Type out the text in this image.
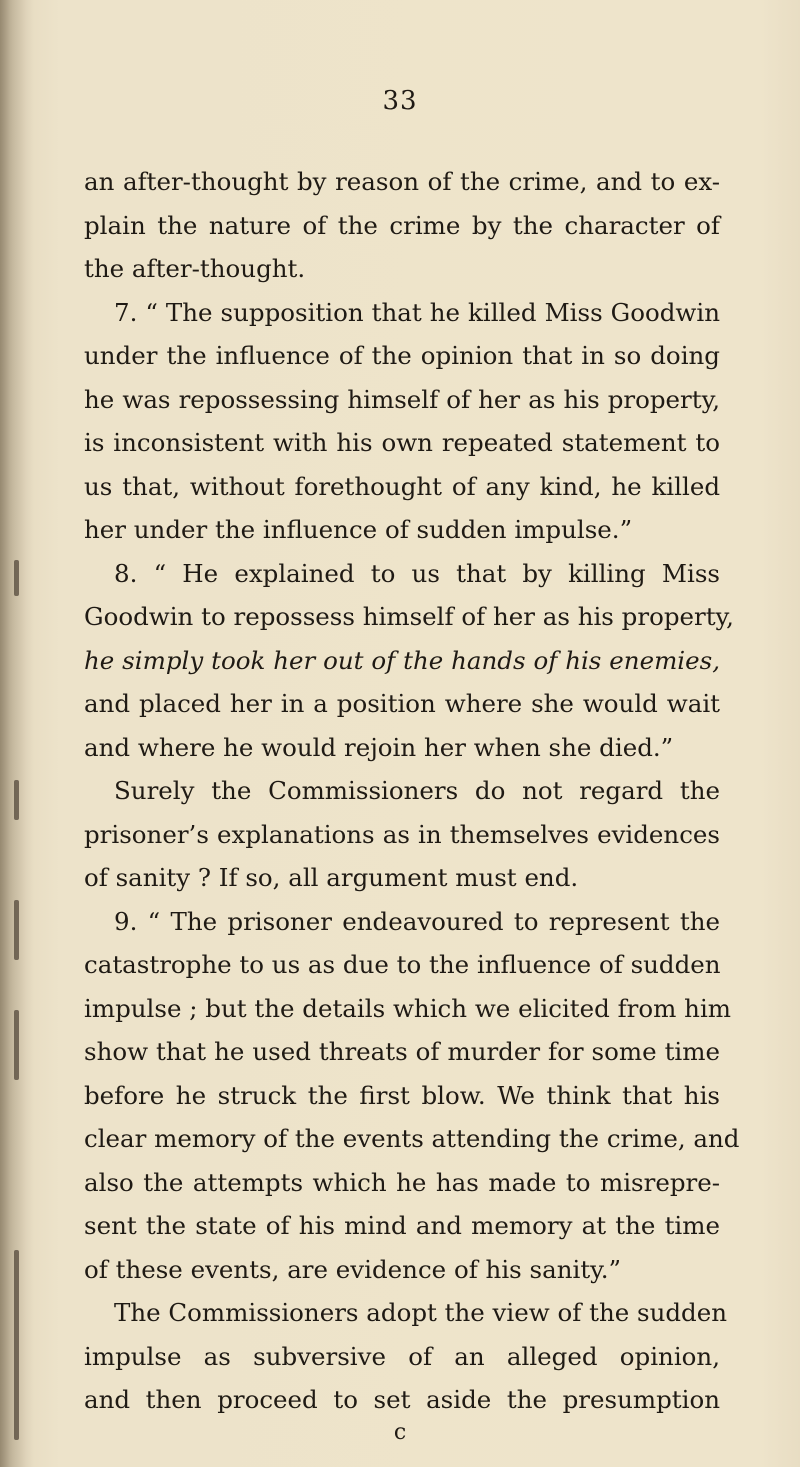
33
an after-thought by reason of the crime, and to ex-
plain the nature of the crime by the character of
the after-thought.
7. “ The supposition that he killed Miss Goodwin
under the influence of the opinion that in so doing
he was repossessing himself of her as his property,
is inconsistent with his own repeated statement to
us that, without forethought of any kind, he killed
her under the influence of sudden impulse.”
8. “ He explained to us that by killing Miss
Goodwin to repossess himself of her as his property,
he simply took her out of the hands of his enemies,
and placed her in a position where she would wait
and where he would rejoin her when she died.”
Surely the Commissioners do not regard the
prisoner’s explanations as in themselves evidences
of sanity ? If so, all argument must end.
9. “ The prisoner endeavoured to represent the
catastrophe to us as due to the influence of sudden
impulse ; but the details which we elicited from him
show that he used threats of murder for some time
before he struck the first blow. We think that his
clear memory of the events attending the crime, and
also the attempts which he has made to misrepre-
sent the state of his mind and memory at the time
of these events, are evidence of his sanity.”
The Commissioners adopt the view of the sudden
impulse as subversive of an alleged opinion,
and then proceed to set aside the presumption
c
